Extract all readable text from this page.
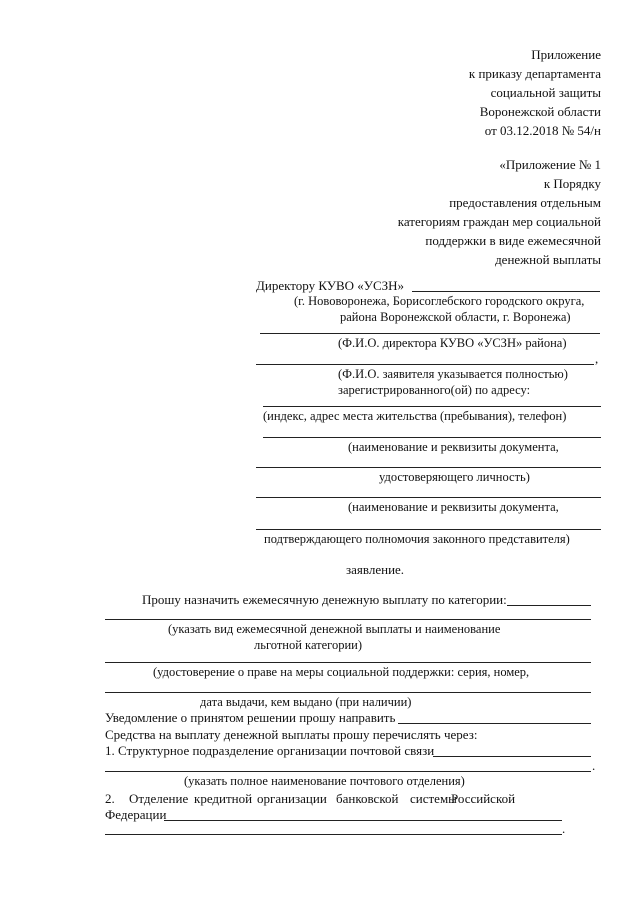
Приложение
к приказу департамента
социальной защиты
Воронежской области
от 03.12.2018 № 54/н
«Приложение № 1
к Порядку
предоставления отдельным
категориям граждан мер социальной
поддержки в виде ежемесячной
денежной выплаты
Директору КУВО «УСЗН»
(г. Нововоронежа, Борисоглебского городского округа,
района Воронежской области, г. Воронежа)
(Ф.И.О. директора КУВО «УСЗН» района)
,
(Ф.И.О. заявителя указывается полностью)
зарегистрированного(ой) по адресу:
(индекс, адрес места жительства (пребывания), телефон)
(наименование и реквизиты документа,
удостоверяющего личность)
(наименование и реквизиты документа,
подтверждающего полномочия законного представителя)
заявление.
Прошу назначить ежемесячную денежную выплату по категории:
(указать вид ежемесячной денежной выплаты и наименование
льготной категории)
(удостоверение о праве на меры социальной поддержки: серия, номер,
дата выдачи, кем выдано (при наличии)
Уведомление о принятом решении прошу направить
Средства на выплату денежной выплаты прошу перечислять через:
1. Структурное подразделение организации почтовой связи
.
(указать полное наименование почтового отделения)
2. Отделение кредитной организации банковской системы
Российской
Федерации
.
